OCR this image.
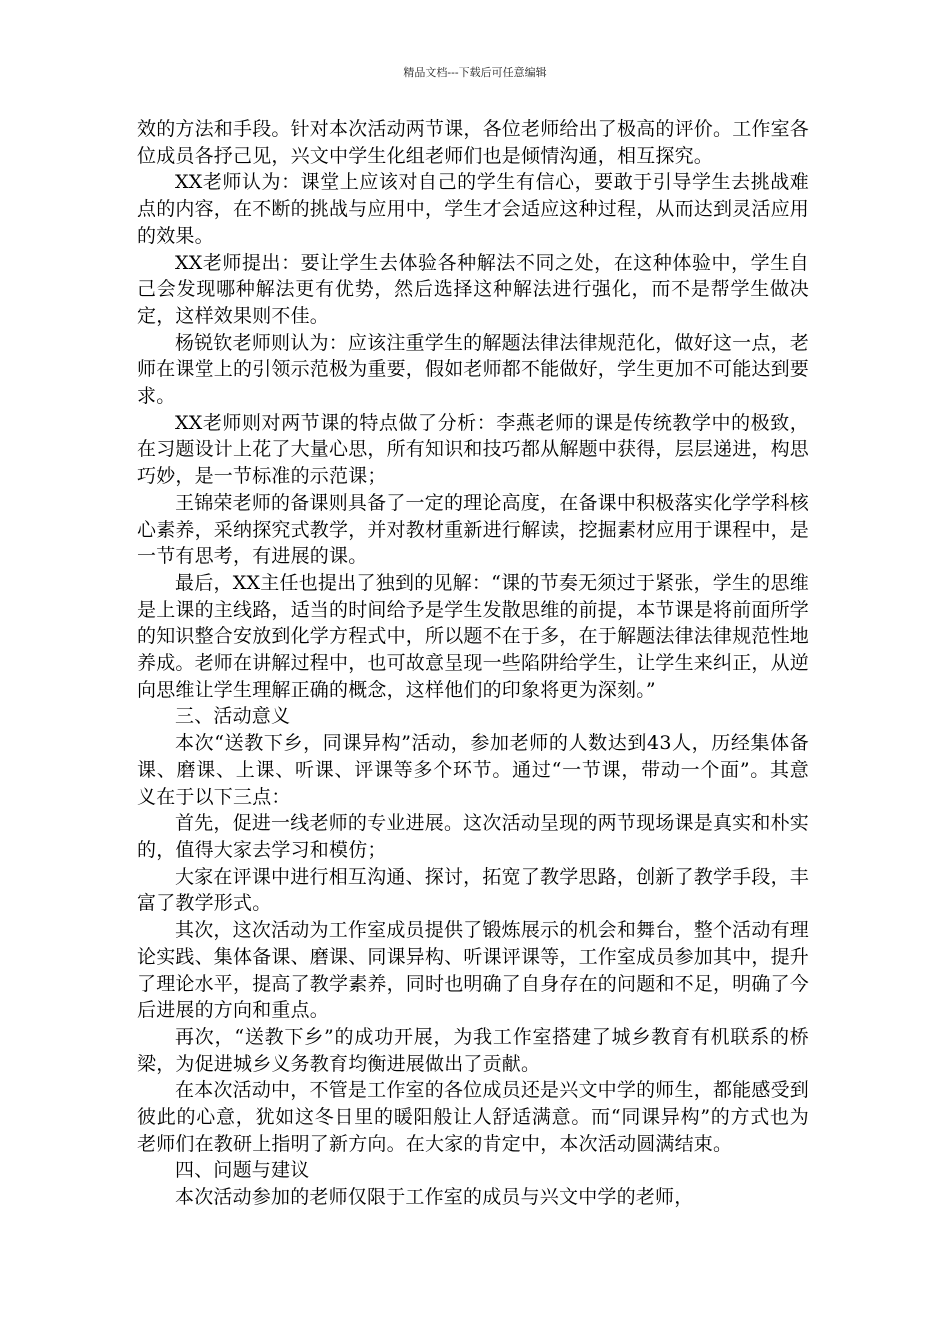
精品文档---下载后可任意编辑

效的方法和手段。针对本次活动两节课，各位老师给出了极高的评价。工作室各位成员各抒己见，兴文中学生化组老师们也是倾情沟通，相互探究。

XX老师认为：课堂上应该对自己的学生有信心，要敢于引导学生去挑战难点的内容，在不断的挑战与应用中，学生才会适应这种过程，从而达到灵活应用的效果。

XX老师提出：要让学生去体验各种解法不同之处，在这种体验中，学生自己会发现哪种解法更有优势，然后选择这种解法进行强化，而不是帮学生做决定，这样效果则不佳。

杨锐钦老师则认为：应该注重学生的解题法律法律规范化，做好这一点，老师在课堂上的引领示范极为重要，假如老师都不能做好，学生更加不可能达到要求。

XX老师则对两节课的特点做了分析：李燕老师的课是传统教学中的极致，在习题设计上花了大量心思，所有知识和技巧都从解题中获得，层层递进，构思巧妙，是一节标准的示范课；

王锦荣老师的备课则具备了一定的理论高度，在备课中积极落实化学学科核心素养，采纳探究式教学，并对教材重新进行解读，挖掘素材应用于课程中，是一节有思考，有进展的课。

最后，XX主任也提出了独到的见解：“课的节奏无须过于紧张，学生的思维是上课的主线路，适当的时间给予是学生发散思维的前提，本节课是将前面所学的知识整合安放到化学方程式中，所以题不在于多，在于解题法律法律规范性地养成。老师在讲解过程中，也可故意呈现一些陷阱给学生，让学生来纠正，从逆向思维让学生理解正确的概念，这样他们的印象将更为深刻。”

三、活动意义

本次“送教下乡，同课异构”活动，参加老师的人数达到43人，历经集体备课、磨课、上课、听课、评课等多个环节。通过“一节课，带动一个面”。其意义在于以下三点：

首先，促进一线老师的专业进展。这次活动呈现的两节现场课是真实和朴实的，值得大家去学习和模仿；

大家在评课中进行相互沟通、探讨，拓宽了教学思路，创新了教学手段，丰富了教学形式。

其次，这次活动为工作室成员提供了锻炼展示的机会和舞台，整个活动有理论实践、集体备课、磨课、同课异构、听课评课等，工作室成员参加其中，提升了理论水平，提高了教学素养，同时也明确了自身存在的问题和不足，明确了今后进展的方向和重点。

再次，“送教下乡”的成功开展，为我工作室搭建了城乡教育有机联系的桥梁，为促进城乡义务教育均衡进展做出了贡献。

在本次活动中，不管是工作室的各位成员还是兴文中学的师生，都能感受到彼此的心意，犹如这冬日里的暖阳般让人舒适满意。而“同课异构”的方式也为老师们在教研上指明了新方向。在大家的肯定中，本次活动圆满结束。

四、问题与建议

本次活动参加的老师仅限于工作室的成员与兴文中学的老师，
